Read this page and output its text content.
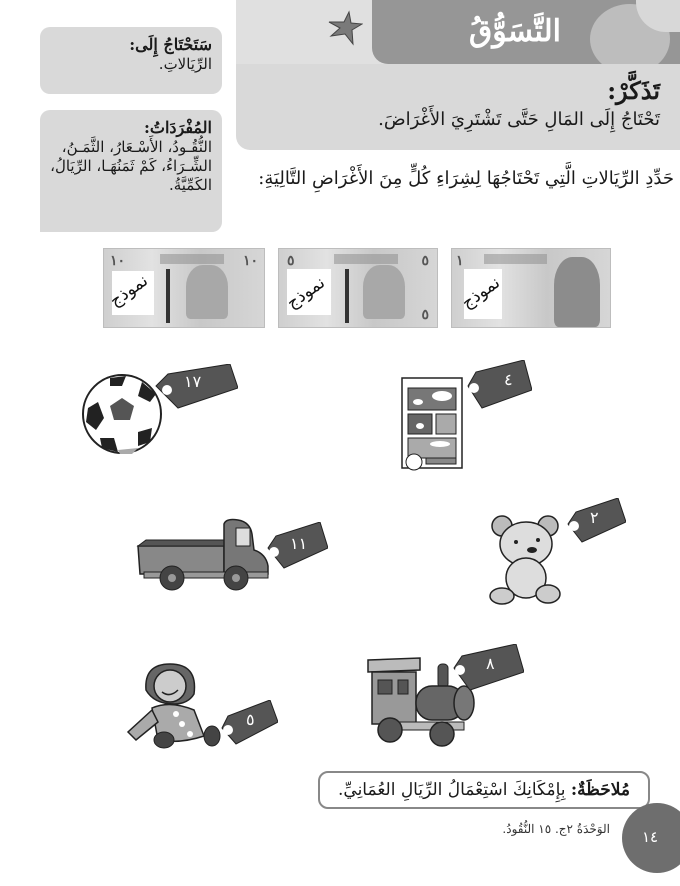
التَّسَوُّقُ
سَتَحْتَاجُ إِلَى:
الرِّيَالاتِ.
المُفْرَدَاتُ:
النُّقُـودُ، الأَسْـعَارُ، الثَّمَـنُ،
الشِّـرَاءُ، كَمْ ثَمَنُهَـا، الرِّيَالُ،
الكَمِّيَّةُ.
تَذَكَّرْ:
تَحْتَاجُ إِلَى المَالِ حَتَّى تَشْتَرِيَ الأَغْرَاضَ.
حَدِّدِ الرِّيَالاتِ الَّتِي تَحْتَاجُهَا لِشِرَاءِ كُلٍّ مِنَ الأَغْرَاضِ التَّالِيَةِ:
١٠	١٠
نموذج
٥	٥
٥
نموذج
١
نموذج
١٧	٤
١١
٢
٥
٨
مُلاحَظَةٌ: بِإِمْكَانِكَ اسْتِعْمَالُ الرِّيَالِ العُمَانِيِّ.
١٤
الوَحْدَةُ ٢ج. ١٥ النُّقُودُ.
